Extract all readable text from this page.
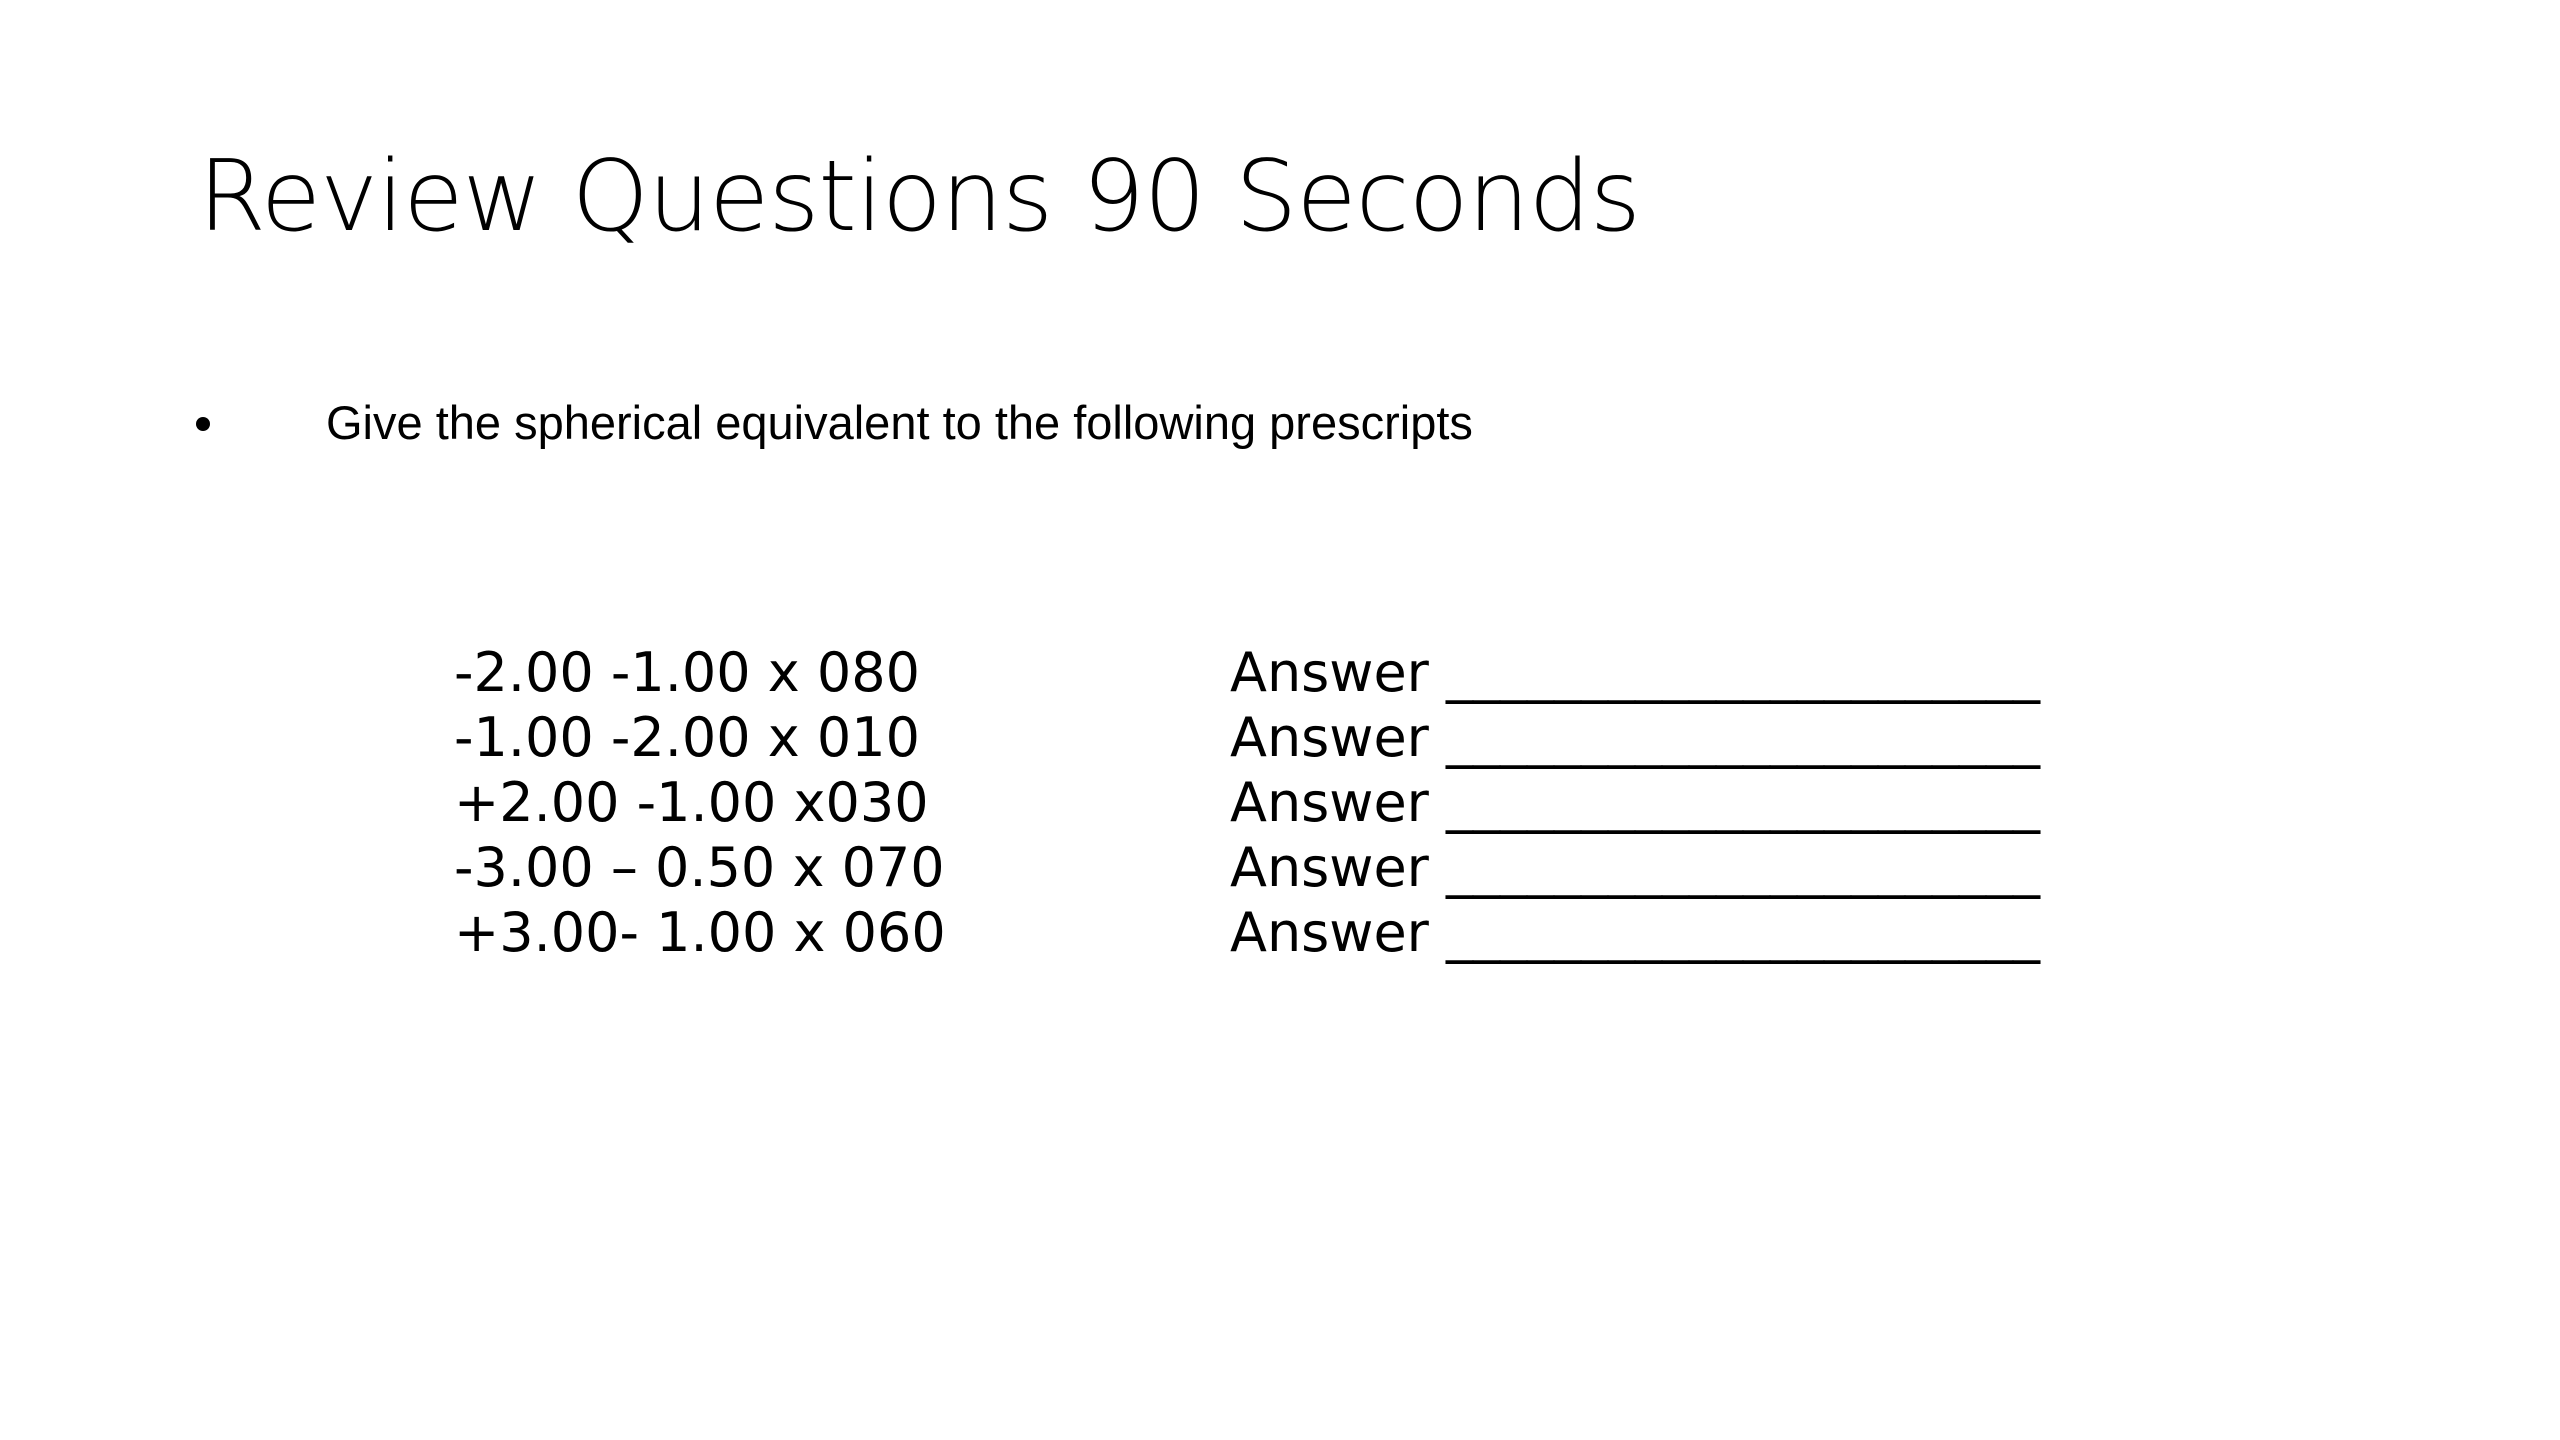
Review Questions 90 Seconds
Give the spherical equivalent to the following prescripts
-2.00 -1.00 x 080	Answer ______________________
-1.00 -2.00 x 010	Answer ______________________
+2.00 -1.00 x030	Answer ______________________
-3.00 – 0.50 x 070	Answer ______________________
+3.00- 1.00 x 060	Answer ______________________
